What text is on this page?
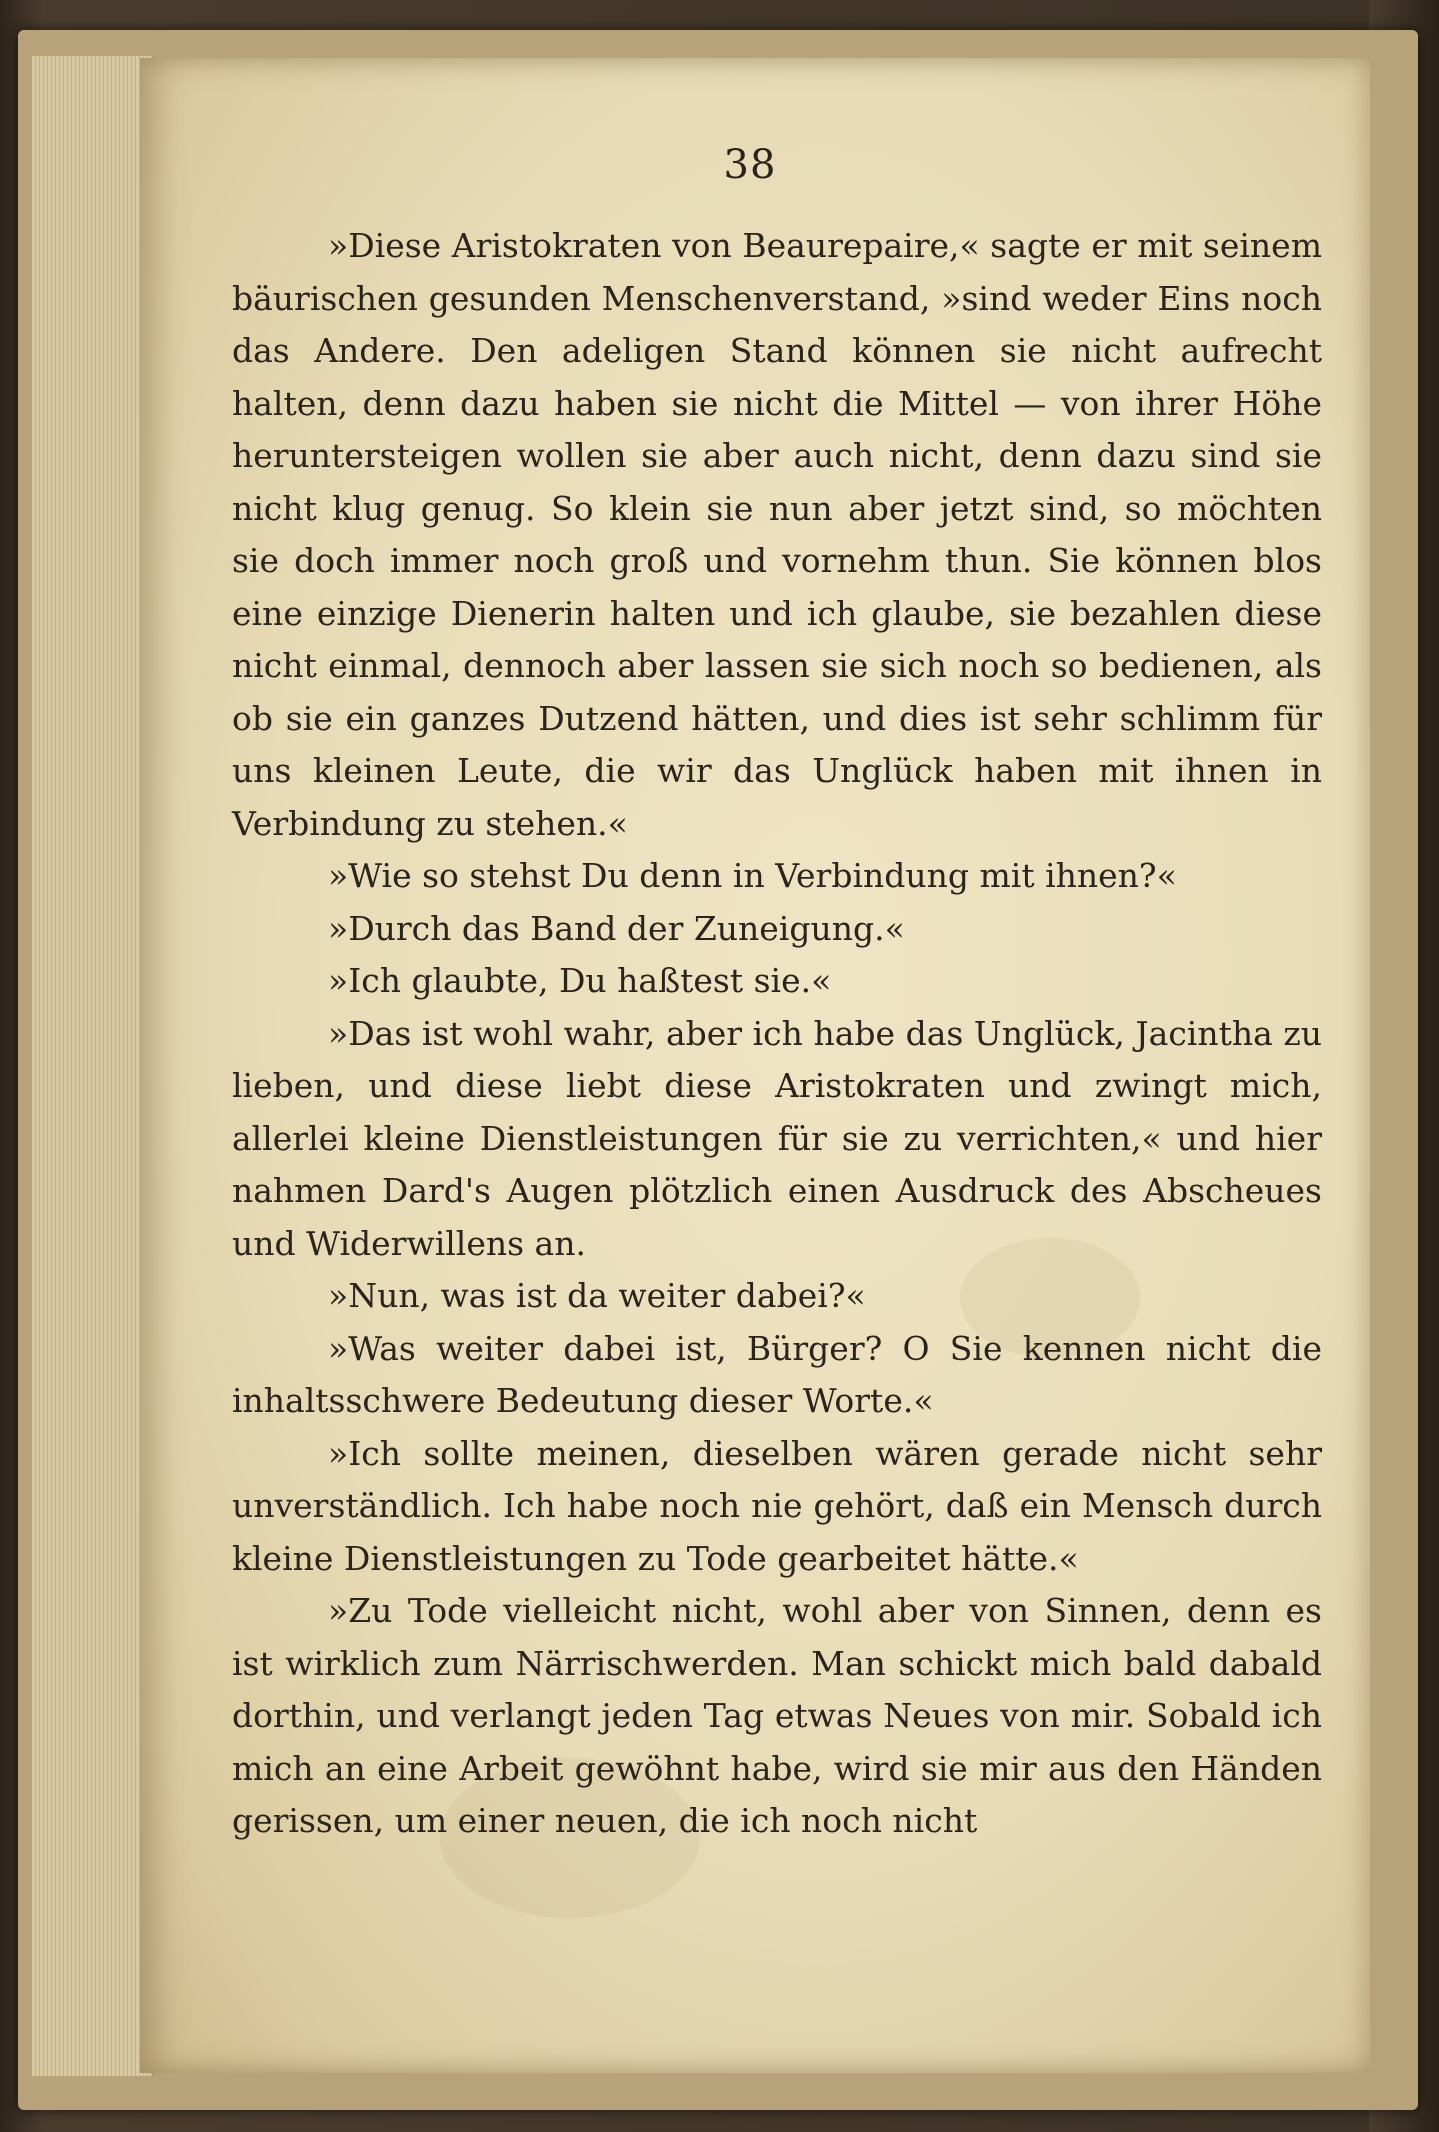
38

»Diese Aristokraten von Beaurepaire,« sagte er mit seinem bäurischen gesunden Menschenverstand, »sind weder Eins noch das Andere. Den adeligen Stand können sie nicht aufrecht halten, denn dazu haben sie nicht die Mittel — von ihrer Höhe heruntersteigen wollen sie aber auch nicht, denn dazu sind sie nicht klug genug. So klein sie nun aber jetzt sind, so möchten sie doch immer noch groß und vornehm thun. Sie können blos eine einzige Dienerin halten und ich glaube, sie bezahlen diese nicht einmal, dennoch aber lassen sie sich noch so bedienen, als ob sie ein ganzes Dutzend hätten, und dies ist sehr schlimm für uns kleinen Leute, die wir das Unglück haben mit ihnen in Verbindung zu stehen.«

»Wie so stehst Du denn in Verbindung mit ihnen?«

»Durch das Band der Zuneigung.«

»Ich glaubte, Du haßtest sie.«

»Das ist wohl wahr, aber ich habe das Unglück, Jacintha zu lieben, und diese liebt diese Aristokraten und zwingt mich, allerlei kleine Dienstleistungen für sie zu verrichten,« und hier nahmen Dard's Augen plötzlich einen Ausdruck des Abscheues und Widerwillens an.

»Nun, was ist da weiter dabei?«

»Was weiter dabei ist, Bürger? O Sie kennen nicht die inhaltsschwere Bedeutung dieser Worte.«

»Ich sollte meinen, dieselben wären gerade nicht sehr unverständlich. Ich habe noch nie gehört, daß ein Mensch durch kleine Dienstleistungen zu Tode gearbeitet hätte.«

»Zu Tode vielleicht nicht, wohl aber von Sinnen, denn es ist wirklich zum Närrischwerden. Man schickt mich bald dabald dorthin, und verlangt jeden Tag etwas Neues von mir. Sobald ich mich an eine Arbeit gewöhnt habe, wird sie mir aus den Händen gerissen, um einer neuen, die ich noch nicht
